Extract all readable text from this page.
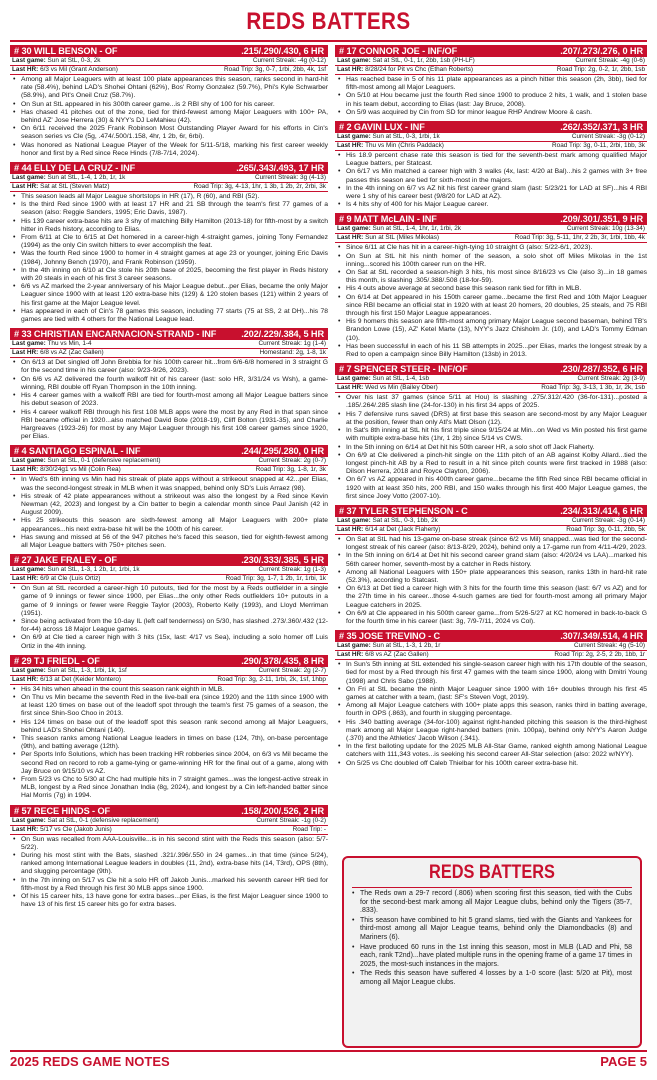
REDS BATTERS
# 30 WILL BENSON - OF	.215/.290/.430, 6 HR
Last game: Sun at StL, 0-3, 2k	Current Streak: -4g (0-12)
Last HR: 6/3 vs Mil (Grant Anderson)	Road Trip: 3g, 0-7, 1rbi, 2bb, 4k, 1sf
• Among all Major Leaguers with at least 100 plate appearances this season, ranks second in hard-hit rate (58.4%), behind LAD's Shohei Ohtani (62%), Bos' Romy Gonzalez (59.7%), Phi's Kyle Schwarber (58.9%), and Pit's Oneil Cruz (58.7%).
• On Sun at StL appeared in his 300th career game...is 2 RBI shy of 100 for his career.
• Has chased 41 pitches out of the zone, tied for third-fewest among Major Leaguers with 100+ PA, behind AZ' Jose Herrera (30) & NYY's DJ LeMahieu (42).
• On 6/11 received the 2025 Frank Robinson Most Outstanding Player Award for his efforts in Cin's season series vs Cle (5g, .474/.500/1.158, 4hr, 1 2b, 6r, 6rbi).
• Was honored as National League Player of the Week for 5/11-5/18, marking his first career weekly honor and first by a Red since Rece Hinds (7/8-7/14, 2024).
# 44 ELLY DE LA CRUZ - INF	.265/.343/.493, 17 HR
Last game: Sun at StL, 1-4, 1 2b, 1r, 1k	Current Streak: 3g (4-13)
Last HR: Sat at StL (Steven Matz)	Road Trip: 3g, 4-13, 1hr, 1 3b, 1 2b, 2r, 2rbi, 3k
• This season leads all Major League shortstops in HR (17), R (60), and RBI (52).
• Is the third Red since 1900 with at least 17 HR and 21 SB through the team's first 77 games of a season (also: Reggie Sanders, 1995; Eric Davis, 1987).
• His 139 career extra-base hits are 3 shy of matching Billy Hamilton (2013-18) for fifth-most by a switch hitter in Reds history, according to Elias.
• From 6/11 at Cle to 6/15 at Det homered in a career-high 4-straight games, joining Tony Fernandez (1994) as the only Cin switch hitters to ever accomplish the feat.
• Was the fourth Red since 1900 to homer in 4 straight games at age 23 or younger, joining Eric Davis (1984), Johnny Bench (1970), and Frank Robinson (1959).
• In the 4th inning on 6/10 at Cle stole his 20th base of 2025, becoming the first player in Reds history with 20 steals in each of his first 3 career seasons.
• 6/6 vs AZ marked the 2-year anniversary of his Major League debut...per Elias, became the only Major Leaguer since 1900 with at least 120 extra-base hits (129) & 120 stolen bases (121) within 2 years of his first game at the Major League level.
• Has appeared in each of Cin's 78 games this season, including 77 starts (75 at SS, 2 at DH)...his 78 games are tied with 4 others for the National League lead.
# 33 CHRISTIAN ENCARNACION-STRAND - INF	.202/.229/.384, 5 HR
Last game: Thu vs Min, 1-4	Current Streak: 1g (1-4)
Last HR: 6/8 vs AZ (Zac Gallen)	Homestand: 2g, 1-8, 1k
• On 6/13 at Det singled off John Brebbia for his 100th career hit...from 6/6-6/8 homered in 3 straight G for the second time in his career (also: 9/23-9/26, 2023).
• On 6/6 vs AZ delivered the fourth walkoff hit of his career (last: solo HR, 3/31/24 vs Wsh), a game-winning, RBI double off Ryan Thompson in the 10th inning.
• His 4 career games with a walkoff RBI are tied for fourth-most among all Major League batters since his debut season of 2023.
• His 4 career walkoff RBI through his first 108 MLB apps were the most by any Red in that span since RBI became official in 1920...also matched David Bote (2018-19), Cliff Bolton (1931-35), and Charlie Hargreaves (1923-26) for most by any Major Leaguer through his first 108 career games since 1920, per Elias.
# 4 SANTIAGO ESPINAL - INF	.244/.295/.280, 0 HR
Last game: Sun at StL, 0-1 (defensive replacement)	Current Streak: 2g (0-7)
Last HR: 8/30/24g1 vs Mil (Colin Rea)	Road Trip: 3g, 1-8, 1r, 3k
• In Wed's 6th inning vs Min had his streak of plate apps without a strikeout snapped at 42...per Elias, was the second-longest streak in MLB when it was snapped, behind only SD's Luis Arraez (98).
• His streak of 42 plate appearances without a strikeout was also the longest by a Red since Kevin Newman (42, 2023) and longest by a Cin batter to begin a calendar month since Paul Janish (42 in August 2009).
• His 25 strikeouts this season are sixth-fewest among all Major Leaguers with 200+ plate appearances...his next extra-base hit will be the 100th of his career.
• Has swung and missed at 56 of the 947 pitches he's faced this season, tied for eighth-fewest among all Major League batters with 750+ pitches seen.
# 27 JAKE FRALEY - OF	.230/.333/.385, 5 HR
Last game: Sun at StL, 1-3, 1 2b, 1r, 1rbi, 1k	Current Streak: 1g (1-3)
Last HR: 6/9 at Cle (Luis Ortiz)	Road Trip: 3g, 1-7, 1 2b, 1r, 1rbi, 1k
• On Sun at StL recorded a career-high 10 putouts, tied for the most by a Reds outfielder in a single game of 9 innings or fewer since 1900, per Elias...the only other Reds outfielders 10+ putouts in a game of 9 innings or fewer were Reggie Taylor (2003), Roberto Kelly (1993), and Lloyd Merriman (1951).
• Since being activated from the 10-day IL (left calf tenderness) on 5/30, has slashed .273/.360/.432 (12-for-44) across 18 Major League games.
• On 6/9 at Cle tied a career high with 3 hits (15x, last: 4/17 vs Sea), including a solo homer off Luis Ortiz in the 4th inning.
# 29 TJ FRIEDL - OF	.290/.378/.435, 8 HR
Last game: Sun at StL, 1-3, 1rbi, 1k, 1sf	Current Streak: 2g (2-7)
Last HR: 6/13 at Det (Keider Montero)	Road Trip: 3g, 2-11, 1rbi, 2k, 1sf, 1hbp
• His 34 hits when ahead in the count this season rank eighth in MLB.
• On Thu vs Min became the seventh Red in the live-ball era (since 1920) and the 11th since 1900 with at least 120 times on base out of the leadoff spot through the team's first 75 games of a season, the first since Shin-Soo Choo in 2013.
• His 124 times on base out of the leadoff spot this season rank second among all Major Leaguers, behind LAD's Shohei Ohtani (140).
• This season ranks among National League leaders in times on base (124, 7th), on-base percentage (9th), and batting average (12th).
• Per Sports Info Solutions, which has been tracking HR robberies since 2004, on 6/3 vs Mil became the second Red on record to rob a game-tying or game-winning HR for the final out of a game, along with Jay Bruce on 9/15/10 vs AZ.
• From 5/23 vs Chc to 5/30 at Chc had multiple hits in 7 straight games...was the longest-active streak in MLB, longest by a Red since Jonathan India (8g, 2024), and longest by a Cin left-handed batter since Hal Morris (7g) in 1994.
# 57 RECE HINDS - OF	.158/.200/.526, 2 HR
Last game: Sat at StL, 0-1 (defensive replacement)	Current Streak: -1g (0-2)
Last HR: 5/17 vs Cle (Jakob Junis)	Road Trip: -
• On Sun was recalled from AAA-Louisville...is in his second stint with the Reds this season (also: 5/7-5/22).
• During his most stint with the Bats, slashed .321/.396/.550 in 24 games...in that time (since 5/24), ranked among International League leaders in doubles (11, 2nd), extra-base hits (14, T3rd), OPS (8th), and slugging percentage (9th).
• In the 7th inning on 5/17 vs Cle hit a solo HR off Jakob Junis...marked his seventh career HR tied for fifth-most by a Red through his first 30 MLB apps since 1900.
• Of his 15 career hits, 13 have gone for extra bases...per Elias, is the first Major Leaguer since 1900 to have 13 of his first 15 career hits go for extra bases.
# 17 CONNOR JOE - INF/OF	.207/.273/.276, 0 HR
Last game: Sat at StL, 0-1, 1r, 2bb, 1sb (PH-LF)	Current Streak: -4g (0-6)
Last HR: 8/28/24 for Pit vs Chc (Ethan Roberts)	Road Trip: 2g, 0-2, 1r, 2bb, 1sb
• Has reached base in 5 of his 11 plate appearances as a pinch hitter this season (2h, 3bb), tied for fifth-most among all Major Leaguers.
• On 5/10 at Hou became just the fourth Red since 1900 to produce 2 hits, 1 walk, and 1 stolen base in his team debut, according to Elias (last: Jay Bruce, 2008).
• On 5/9 was acquired by Cin from SD for minor league RHP Andrew Moore & cash.
# 2 GAVIN LUX - INF	.262/.352/.371, 3 HR
Last game: Sun at StL, 0-3, 1rbi, 1k	Current Streak: -3g (0-12)
Last HR: Thu vs Min (Chris Paddack)	Road Trip: 3g, 0-11, 2rbi, 1bb, 3k
• His 18.9 percent chase rate this season is tied for the seventh-best mark among qualified Major League batters, per Statcast.
• On 6/17 vs Min matched a career high with 3 walks (4x, last: 4/20 at Bal)...his 2 games with 3+ free passes this season are tied for sixth-most in the majors.
• In the 4th inning on 6/7 vs AZ hit his first career grand slam (last: 5/23/21 for LAD at SF)...his 4 RBI were 1 shy of his career best (9/8/20 for LAD at AZ).
• Is 4 hits shy of 400 for his Major League career.
# 9 MATT McLAIN - INF	.209/.301/.351, 9 HR
Last game: Sun at StL, 1-4, 1hr, 1r, 1rbi, 2k	Current Streak: 10g (13-34)
Last HR: Sun at StL (Miles Mikolas)	Road Trip: 3g, 5-11, 1hr, 2 2b, 3r, 1rbi, 1bb, 4k
• Since 6/11 at Cle has hit in a career-high-tying 10 straight G (also: 5/22-6/1, 2023).
• On Sun at StL hit his ninth homer of the season, a solo shot off Miles Mikolas in the 1st inning...scored his 100th career run on the HR.
• On Sat at StL recorded a season-high 3 hits, his most since 8/16/23 vs Cle (also 3)...in 18 games this month, is slashing .305/.388/.508 (18-for-59).
• His 4 outs above average at second base this season rank tied for fifth in MLB.
• On 6/14 at Det appeared in his 150th career game...became the first Red and 10th Major Leaguer since RBI became an official stat in 1920 with at least 20 homers, 20 doubles, 25 steals, and 75 RBI through his first 150 Major League appearances.
• His 9 homers this season are fifth-most among primary Major League second baseman, behind TB's Brandon Lowe (15), AZ' Ketel Marte (13), NYY's Jazz Chisholm Jr. (10), and LAD's Tommy Edman (10).
• Has been successful in each of his 11 SB attempts in 2025...per Elias, marks the longest streak by a Red to open a campaign since Billy Hamilton (13sb) in 2013.
# 7 SPENCER STEER - INF/OF	.230/.287/.352, 6 HR
Last game: Sun at StL, 1-4, 1sb	Current Streak: 2g (3-9)
Last HR: Wed vs Min (Bailey Ober)	Road Trip: 3g, 3-13, 1 3b, 1r, 2k, 1sb
• Over his last 37 games (since 5/11 at Hou) is slashing .275/.312/.420 (36-for-131)...posted a .185/.264/.285 slash line (24-for-130) in his first 34 apps of 2025.
• His 7 defensive runs saved (DRS) at first base this season are second-most by any Major Leaguer at the position, fewer than only Atl's Matt Olson (12).
• In Sat's 8th inning at StL hit his first triple since 9/15/24 at Min...on Wed vs Min posted his first game with multiple extra-base hits (1hr, 1 2b) since 5/14 vs CWS.
• In the 5th inning on 6/14 at Det hit his 50th career HR, a solo shot off Jack Flaherty.
• On 6/9 at Cle delivered a pinch-hit single on the 11th pitch of an AB against Kolby Allard...tied the longest pinch-hit AB by a Red to result in a hit since pitch counts were first tracked in 1988 (also: Dilson Herrera, 2018 and Royce Clayton, 2006).
• On 6/7 vs AZ appeared in his 400th career game...became the fifth Red since RBI became official in 1920 with at least 350 hits, 200 RBI, and 150 walks through his first 400 Major League games, the first since Joey Votto (2007-10).
# 37 TYLER STEPHENSON - C	.234/.313/.414, 6 HR
Last game: Sat at StL, 0-3, 1bb, 2k	Current Streak: -3g (0-14)
Last HR: 6/14 at Det (Jack Flaherty)	Road Trip: 3g, 0-11, 2bb, 5k
• On Sat at StL had his 13-game on-base streak (since 6/2 vs Mil) snapped...was tied for the second-longest streak of his career (also: 8/13-8/29, 2024), behind only a 17-game run from 4/11-4/29, 2023.
• In the 5th inning on 6/14 at Det hit his second career grand slam (also: 4/20/24 vs LAA)...marked his 56th career homer, seventh-most by a catcher in Reds history.
• Among all National Leaguers with 150+ plate appearances this season, ranks 13th in hard-hit rate (52.3%), according to Statcast.
• On 6/13 at Det tied a career high with 3 hits for the fourth time this season (last: 6/7 vs AZ) and for the 27th time in his career...those 4-such games are tied for fourth-most among all primary Major League catchers in 2025.
• On 6/9 at Cle appeared in his 500th career game...from 5/26-5/27 at KC homered in back-to-back G for the fourth time in his career (last: 3g, 7/9-7/11, 2024 vs Col).
# 35 JOSE TREVINO - C	.307/.349/.514, 4 HR
Last game: Sun at StL, 1-3, 1 2b, 1r	Current Streak: 4g (5-10)
Last HR: 6/8 vs AZ (Zac Gallen)	Road Trip: 2g, 2-5, 2 2b, 1bb, 1r
• In Sun's 5th inning at StL extended his single-season career high with his 17th double of the season, tied for most by a Red through his first 47 games with the team since 1900, along with Dmitri Young (1998) and Chris Sabo (1988).
• On Fri at StL became the ninth Major Leaguer since 1900 with 16+ doubles through his first 45 games at catcher with a team, (last: SF's Steven Vogt, 2019).
• Among all Major League catchers with 100+ plate apps this season, ranks third in batting average, fourth in OPS (.863), and fourth in slugging percentage.
• His .340 batting average (34-for-100) against right-handed pitching this season is the third-highest mark among all Major League right-handed batters (min. 100pa), behind only NYY's Aaron Judge (.370) and the Athletics' Jacob Wilson (.341).
• In the first balloting update for the 2025 MLB All-Star Game, ranked eighth among National League catchers with 111,343 votes...is seeking his second career All-Star selection (also: 2022 w/NYY).
• On 5/25 vs Chc doubled off Caleb Thielbar for his 100th career extra-base hit.
REDS BATTERS
• The Reds own a 29-7 record (.806) when scoring first this season, tied with the Cubs for the second-best mark among all Major League clubs, behind only the Tigers (35-7, .833).
• This season have combined to hit 5 grand slams, tied with the Giants and Yankees for third-most among all Major League teams, behind only the Diamondbacks (8) and Mariners (6).
• Have produced 60 runs in the 1st inning this season, most in MLB (LAD and Phi, 58 each, rank T2nd)...have plated multiple runs in the opening frame of a game 17 times in 2025, the most-such instances in the majors.
• The Reds this season have suffered 4 losses by a 1-0 score (last: 5/20 at Pit), most among all Major League clubs.
2025 REDS GAME NOTES	PAGE 5
